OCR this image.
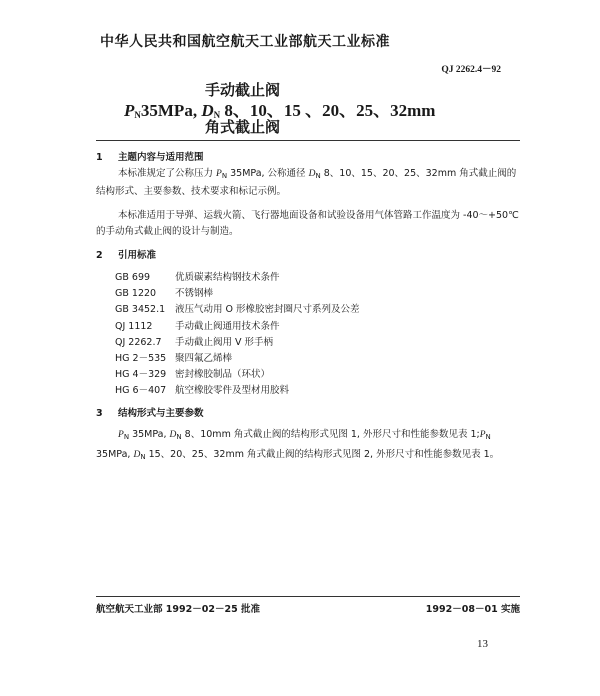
中华人民共和国航空航天工业部航天工业标准
QJ 2262.4－92
手动截止阀
$P_N35MPa$, $D_N$ 8、10、15 、20、25、32mm
角式截止阀
1 主题内容与适用范围
本标准规定了公称压力 $P_N$ 35MPa, 公称通径 $D_N$ 8、10、15、20、25、32mm 角式截止阀的结构形式、主要参数、技术要求和标记示例。
本标准适用于导弹、运载火箭、飞行器地面设备和试验设备用气体管路工作温度为 -40～+50℃ 的手动角式截止阀的设计与制造。
2 引用标准
GB 699	优质碳素结构钢技术条件
GB 1220 不锈钢棒
GB 3452.1 液压气动用 O 形橡胶密封圈尺寸系列及公差
QJ 1112 手动截止阀通用技术条件
QJ 2262.7 手动截止阀用 V 形手柄
HG 2－535 聚四氟乙烯棒
HG 4－329 密封橡胶制品（环状）
HG 6－407 航空橡胶零件及型材用胶料
3 结构形式与主要参数
$P_N$ 35MPa, $D_N$ 8、10mm 角式截止阀的结构形式见图 1, 外形尺寸和性能参数见表 $1;P_N$ 35MPa, $D_N$ 15、20、25、32mm 角式截止阀的结构形式见图 2, 外形尺寸和性能参数见表 1。
航空航天工业部 1992－02－25 批准	1992－08－01 实施
13
